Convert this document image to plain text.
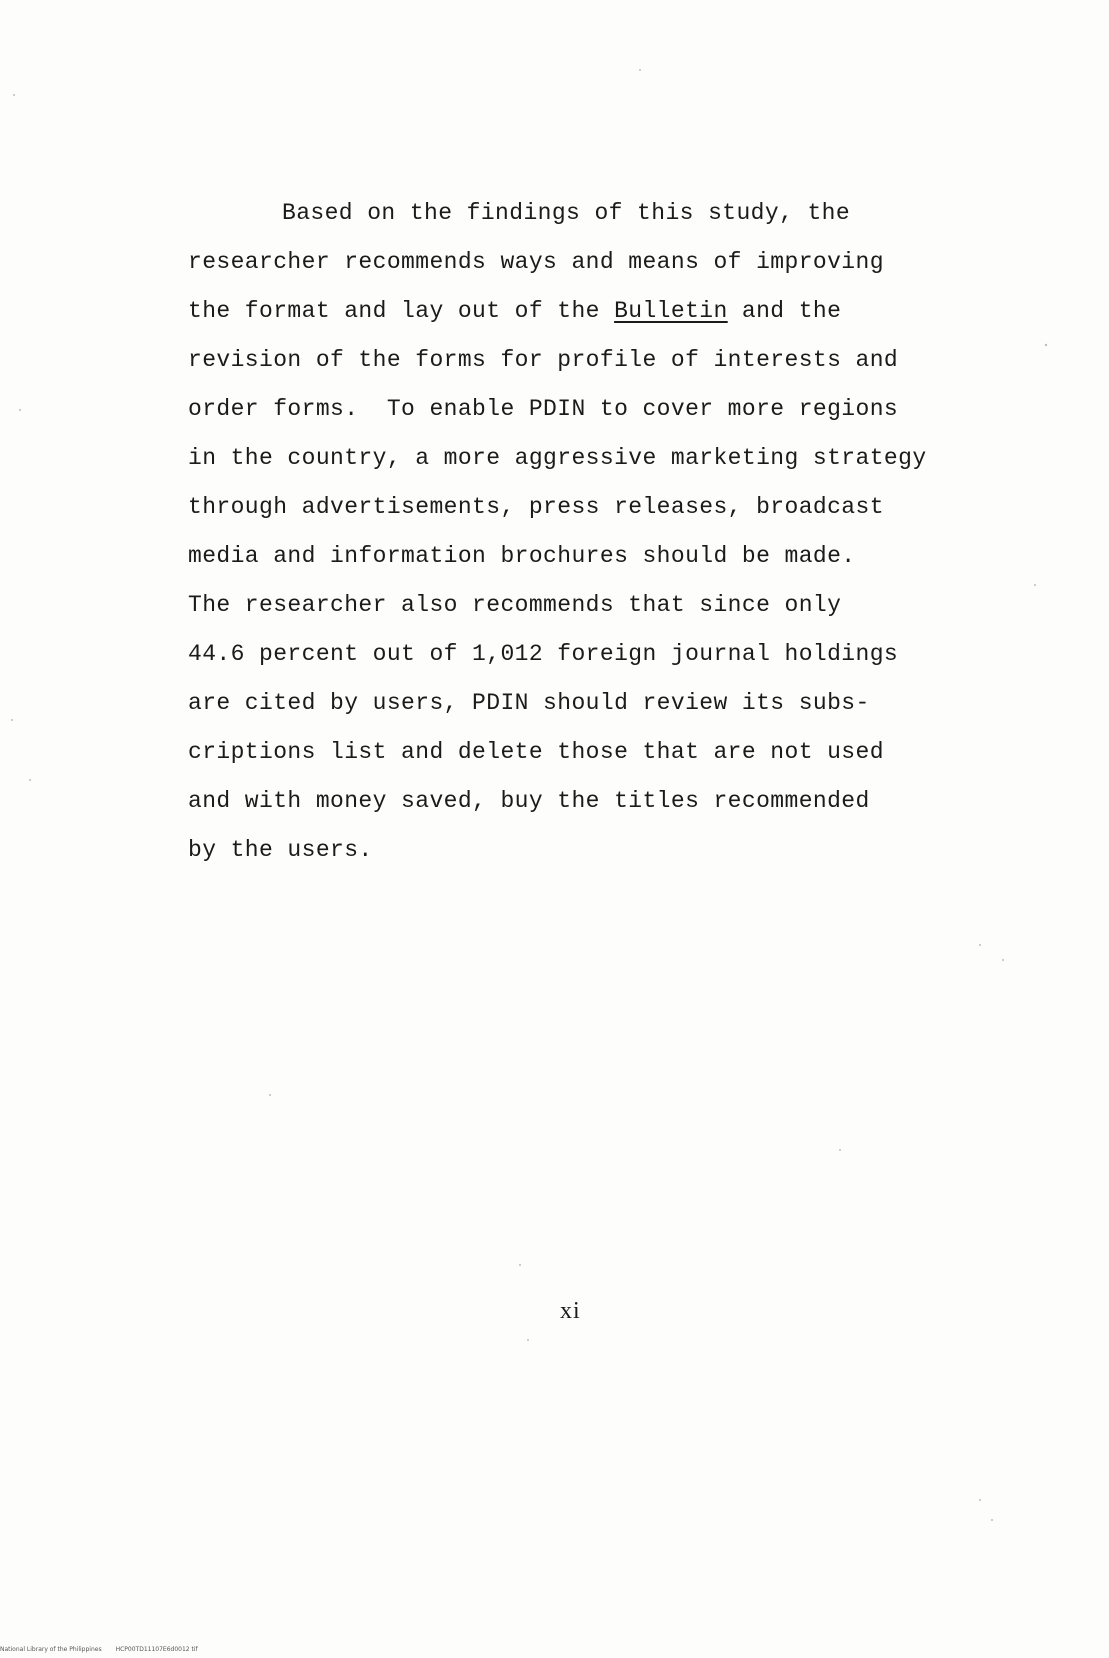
Based on the findings of this study, the
researcher recommends ways and means of improving
the format and lay out of the Bulletin and the
revision of the forms for profile of interests and
order forms.  To enable PDIN to cover more regions
in the country, a more aggressive marketing strategy
through advertisements, press releases, broadcast
media and information brochures should be made.
The researcher also recommends that since only
44.6 percent out of 1,012 foreign journal holdings
are cited by users, PDIN should review its subs-
criptions list and delete those that are not used
and with money saved, buy the titles recommended
by the users.
xi
National Library of the Philippines HCP00TD11107E6d0012 tif
